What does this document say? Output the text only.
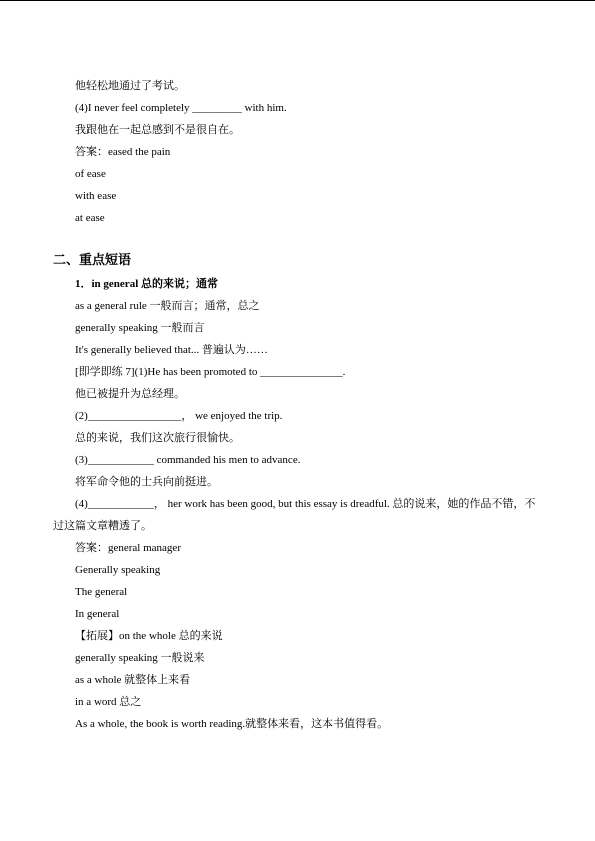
他轻松地通过了考试。
(4)I never feel completely _________ with him.
我跟他在一起总感到不是很自在。
答案：eased the pain
of ease
with ease
at ease
二、重点短语
1．in general 总的来说；通常
as a general rule 一般而言；通常，总之
generally speaking 一般而言
It's generally believed that... 普遍认为……
[即学即练 7](1)He has been promoted to _______________.
他已被提升为总经理。
(2)_________________， we enjoyed the trip.
总的来说，我们这次旅行很愉快。
(3)____________ commanded his men to advance.
将军命令他的士兵向前挺进。
(4)____________， her work has been good, but this essay is dreadful. 总的说来，她的作品不错，不过这篇文章糟透了。
答案：general manager
Generally speaking
The general
In general
【拓展】on the whole 总的来说
generally speaking 一般说来
as a whole 就整体上来看
in a word 总之
As a whole, the book is worth reading.就整体来看，这本书值得看。
